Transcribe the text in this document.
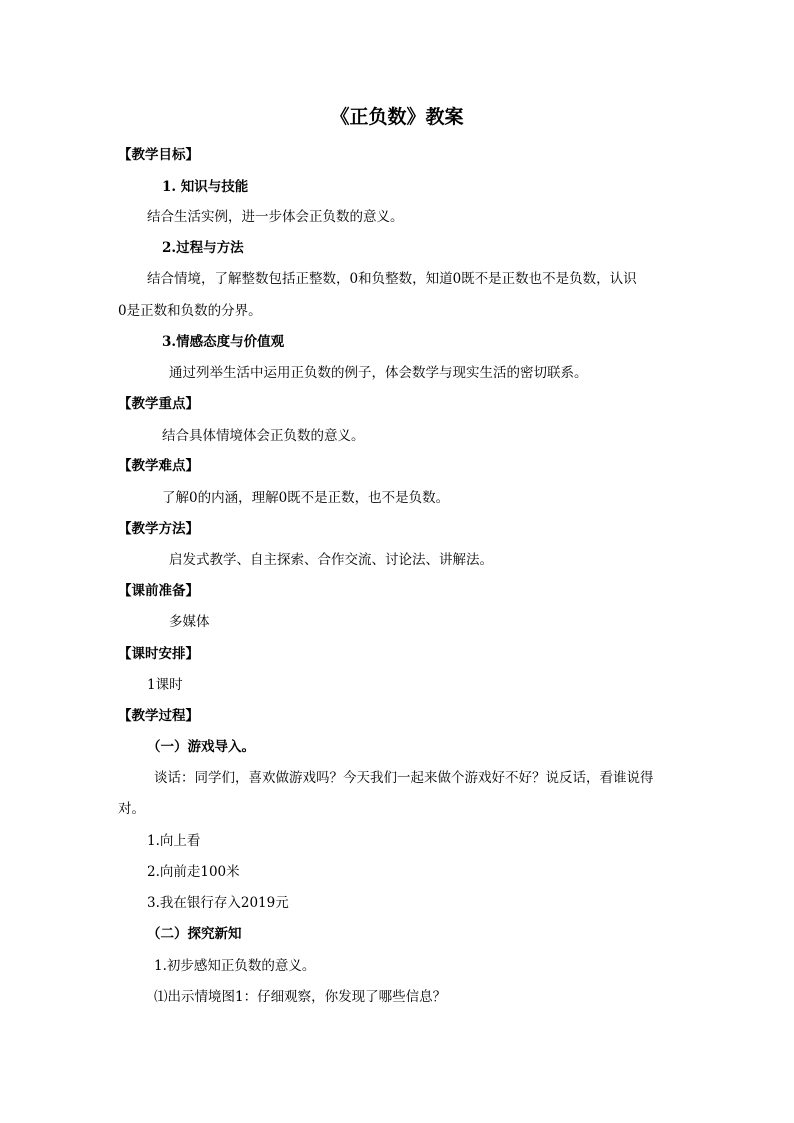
《正负数》教案
【教学目标】
1. 知识与技能
结合生活实例，进一步体会正负数的意义。
2.过程与方法
结合情境，了解整数包括正整数，0和负整数，知道0既不是正数也不是负数，认识
0是正数和负数的分界。
3.情感态度与价值观
通过列举生活中运用正负数的例子，体会数学与现实生活的密切联系。
【教学重点】
结合具体情境体会正负数的意义。
【教学难点】
了解0的内涵，理解0既不是正数，也不是负数。
【教学方法】
启发式教学、自主探索、合作交流、讨论法、讲解法。
【课前准备】
多媒体
【课时安排】
1课时
【教学过程】
（一）游戏导入。
谈话：同学们，喜欢做游戏吗？今天我们一起来做个游戏好不好？说反话，看谁说得
对。
1.向上看
2.向前走100米
3.我在银行存入2019元
（二）探究新知
1.初步感知正负数的意义。
⑴出示情境图1：仔细观察，你发现了哪些信息？
